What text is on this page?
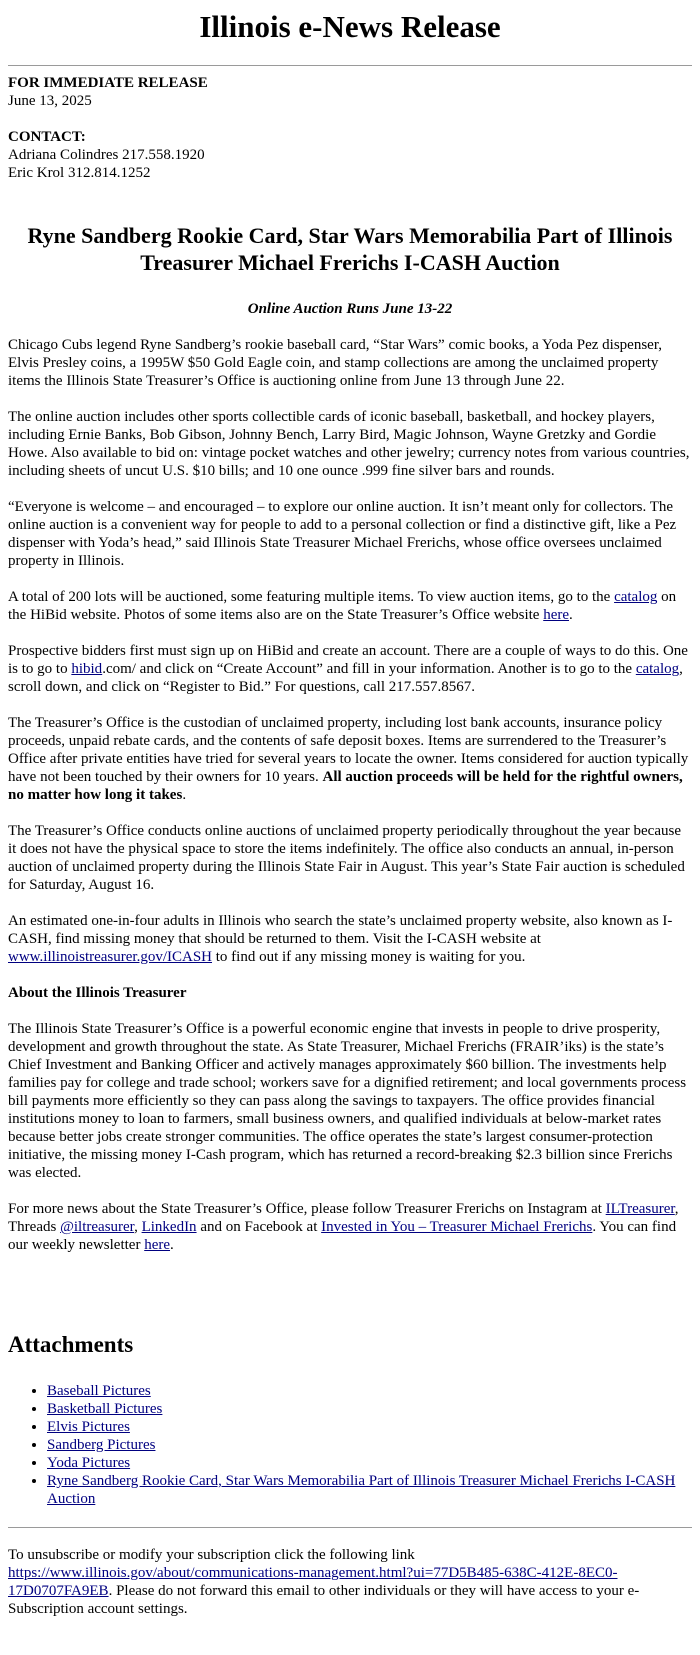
Illinois e-News Release
FOR IMMEDIATE RELEASE
June 13, 2025
CONTACT:
Adriana Colindres 217.558.1920
Eric Krol 312.814.1252
Ryne Sandberg Rookie Card, Star Wars Memorabilia Part of Illinois Treasurer Michael Frerichs I-CASH Auction
Online Auction Runs June 13-22

Chicago Cubs legend Ryne Sandberg’s rookie baseball card, “Star Wars” comic books, a Yoda Pez dispenser, Elvis Presley coins, a 1995W $50 Gold Eagle coin, and stamp collections are among the unclaimed property items the Illinois State Treasurer’s Office is auctioning online from June 13 through June 22.

The online auction includes other sports collectible cards of iconic baseball, basketball, and hockey players, including Ernie Banks, Bob Gibson, Johnny Bench, Larry Bird, Magic Johnson, Wayne Gretzky and Gordie Howe. Also available to bid on: vintage pocket watches and other jewelry; currency notes from various countries, including sheets of uncut U.S. $10 bills; and 10 one ounce .999 fine silver bars and rounds.

“Everyone is welcome – and encouraged – to explore our online auction. It isn’t meant only for collectors. The online auction is a convenient way for people to add to a personal collection or find a distinctive gift, like a Pez dispenser with Yoda’s head,” said Illinois State Treasurer Michael Frerichs, whose office oversees unclaimed property in Illinois.

A total of 200 lots will be auctioned, some featuring multiple items. To view auction items, go to the catalog on the HiBid website. Photos of some items also are on the State Treasurer’s Office website here.

Prospective bidders first must sign up on HiBid and create an account. There are a couple of ways to do this. One is to go to hibid.com/ and click on “Create Account” and fill in your information. Another is to go to the catalog, scroll down, and click on “Register to Bid.” For questions, call 217.557.8567.

The Treasurer’s Office is the custodian of unclaimed property, including lost bank accounts, insurance policy proceeds, unpaid rebate cards, and the contents of safe deposit boxes. Items are surrendered to the Treasurer’s Office after private entities have tried for several years to locate the owner. Items considered for auction typically have not been touched by their owners for 10 years. All auction proceeds will be held for the rightful owners, no matter how long it takes.

The Treasurer’s Office conducts online auctions of unclaimed property periodically throughout the year because it does not have the physical space to store the items indefinitely. The office also conducts an annual, in-person auction of unclaimed property during the Illinois State Fair in August. This year’s State Fair auction is scheduled for Saturday, August 16.

An estimated one-in-four adults in Illinois who search the state’s unclaimed property website, also known as I-CASH, find missing money that should be returned to them. Visit the I-CASH website at www.illinoistreasurer.gov/ICASH to find out if any missing money is waiting for you.

About the Illinois Treasurer

The Illinois State Treasurer’s Office is a powerful economic engine that invests in people to drive prosperity, development and growth throughout the state. As State Treasurer, Michael Frerichs (FRAIR’iks) is the state’s Chief Investment and Banking Officer and actively manages approximately $60 billion. The investments help families pay for college and trade school; workers save for a dignified retirement; and local governments process bill payments more efficiently so they can pass along the savings to taxpayers. The office provides financial institutions money to loan to farmers, small business owners, and qualified individuals at below-market rates because better jobs create stronger communities. The office operates the state’s largest consumer-protection initiative, the missing money I-Cash program, which has returned a record-breaking $2.3 billion since Frerichs was elected.

For more news about the State Treasurer’s Office, please follow Treasurer Frerichs on Instagram at ILTreasurer, Threads @iltreasurer, LinkedIn and on Facebook at Invested in You – Treasurer Michael Frerichs. You can find our weekly newsletter here.

Attachments
• Baseball Pictures
• Basketball Pictures
• Elvis Pictures
• Sandberg Pictures
• Yoda Pictures
• Ryne Sandberg Rookie Card, Star Wars Memorabilia Part of Illinois Treasurer Michael Frerichs I-CASH Auction
To unsubscribe or modify your subscription click the following link https://www.illinois.gov/about/communications-management.html?ui=77D5B485-638C-412E-8EC0-17D0707FA9EB. Please do not forward this email to other individuals or they will have access to your e-Subscription account settings.
